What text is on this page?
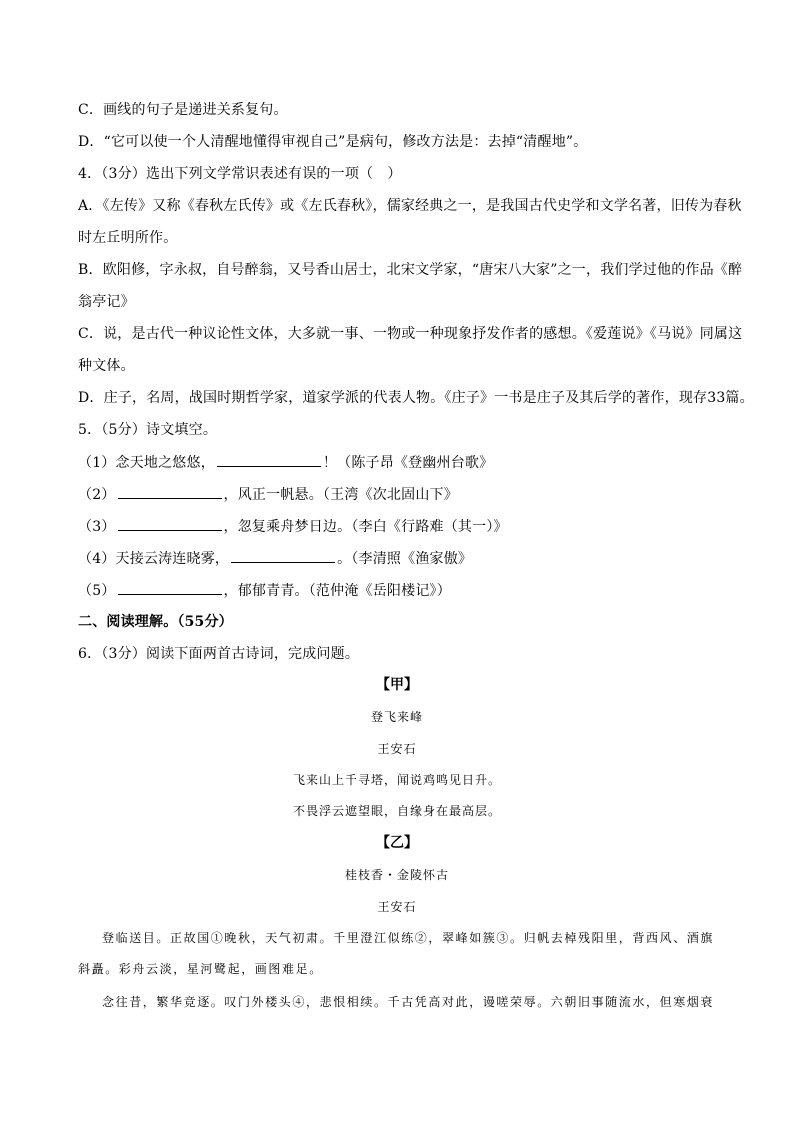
C．画线的句子是递进关系复句。
D．“它可以使一个人清醒地懂得审视自己”是病句，修改方法是：去掉“清醒地”。
4．（3分）选出下列文学常识表述有误的一项（　）
A．《左传》又称《春秋左氏传》或《左氏春秋》，儒家经典之一，是我国古代史学和文学名著，旧传为春秋
时左丘明所作。
B．欧阳修，字永叔，自号醉翁，又号香山居士，北宋文学家，“唐宋八大家”之一，我们学过他的作品《醉
翁亭记》
C．说，是古代一种议论性文体，大多就一事、一物或一种现象抒发作者的感想。《爱莲说》《马说》同属这
种文体。
D．庄子，名周，战国时期哲学家，道家学派的代表人物。《庄子》一书是庄子及其后学的著作，现存33篇。
5．（5分）诗文填空。
（1）念天地之悠悠，	！（陈子昂《登幽州台歌》
（2）	，风正一帆悬。（王湾《次北固山下》
（3）	，忽复乘舟梦日边。（李白《行路难（其一）》
（4）天接云涛连晓雾，	。（李清照《渔家傲》
（5）	，郁郁青青。（范仲淹《岳阳楼记》）
二、阅读理解。（55分）
6．（3分）阅读下面两首古诗词，完成问题。
【甲】
登飞来峰
王安石
飞来山上千寻塔，闻说鸡鸣见日升。
不畏浮云遮望眼，自缘身在最高层。
【乙】
桂枝香・金陵怀古
王安石
登临送目。正故国①晚秋，天气初肃。千里澄江似练②，翠峰如簇③。归帆去棹残阳里，背西风、酒旗
斜矗。彩舟云淡，星河鹭起，画图难足。
念往昔，繁华竞逐。叹门外楼头④，悲恨相续。千古凭高对此，谩嗟荣辱。六朝旧事随流水，但寒烟衰
